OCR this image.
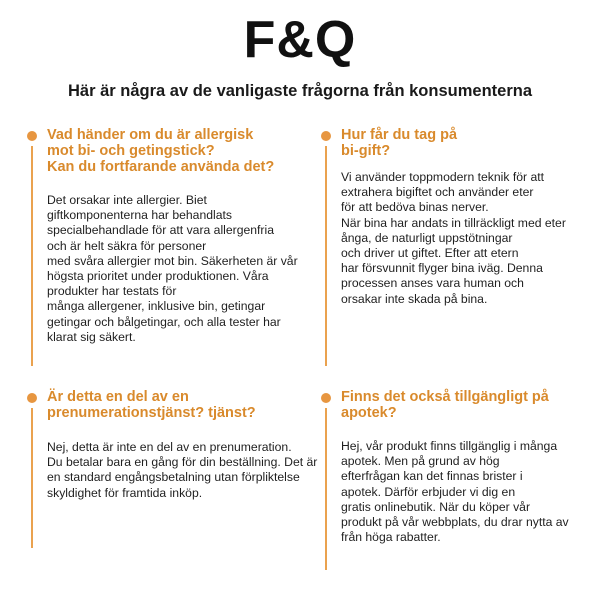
F&Q
Här är några av de vanligaste frågorna från konsumenterna
Vad händer om du är allergisk
mot bi- och getingstick?
Kan du fortfarande använda det?
Det orsakar inte allergier. Biet
giftkomponenterna har behandlats
specialbehandlade för att vara allergenfria
och är helt säkra för personer
med svåra allergier mot bin. Säkerheten är vår
högsta prioritet under produktionen. Våra
produkter har testats för
många allergener, inklusive bin, getingar
getingar och bålgetingar, och alla tester har
klarat sig säkert.
Hur får du tag på
bi-gift?
Vi använder toppmodern teknik för att
extrahera bigiftet och använder eter
för att bedöva binas nerver.
När bina har andats in tillräckligt med eter
ånga, de naturligt uppstötningar
och driver ut giftet. Efter att etern
har försvunnit flyger bina iväg. Denna
processen anses vara human och
orsakar inte skada på bina.
Är detta en del av en
prenumerationstjänst? tjänst?
Nej, detta är inte en del av en prenumeration.
Du betalar bara en gång för din beställning. Det är
en standard engångsbetalning utan förpliktelse
skyldighet för framtida inköp.
Finns det också tillgängligt på
apotek?
Hej, vår produkt finns tillgänglig i många
apotek. Men på grund av hög
efterfrågan kan det finnas brister i
apotek. Därför erbjuder vi dig en
gratis onlinebutik. När du köper vår
produkt på vår webbplats, du drar nytta av
från höga rabatter.
